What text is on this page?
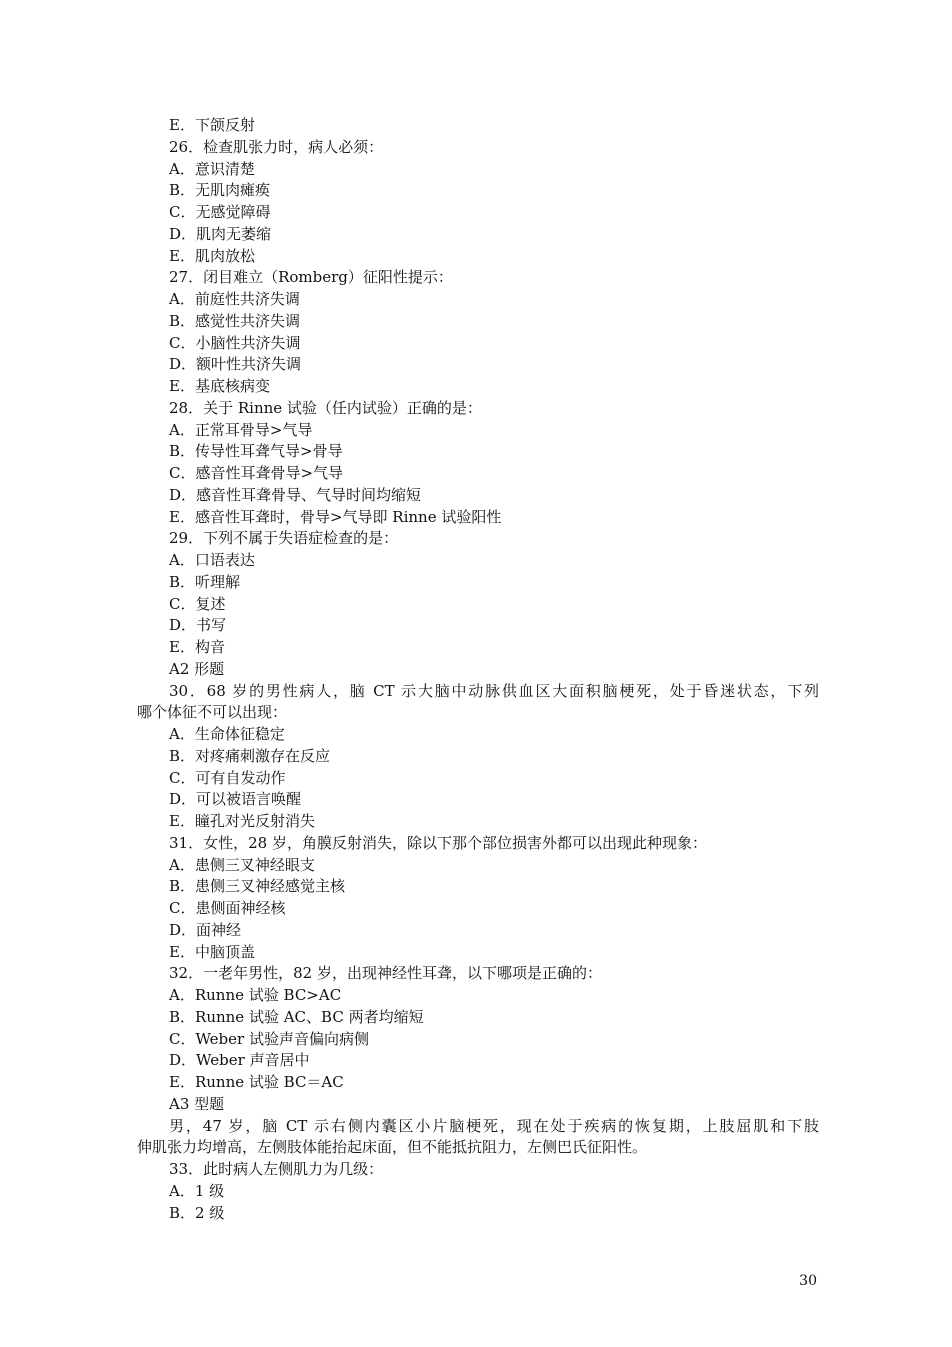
E．下颌反射
26．检查肌张力时，病人必须：
A．意识清楚
B．无肌肉瘫痪
C．无感觉障碍
D．肌肉无萎缩
E．肌肉放松
27．闭目难立（Romberg）征阳性提示：
A．前庭性共济失调
B．感觉性共济失调
C．小脑性共济失调
D．额叶性共济失调
E．基底核病变
28．关于 Rinne 试验（任内试验）正确的是：
A．正常耳骨导>气导
B．传导性耳聋气导>骨导
C．感音性耳聋骨导>气导
D．感音性耳聋骨导、气导时间均缩短
E．感音性耳聋时，骨导>气导即 Rinne 试验阳性
29．下列不属于失语症检查的是：
A．口语表达
B．听理解
C．复述
D．书写
E．构音
A2 形题
30．68 岁的男性病人，脑 CT 示大脑中动脉供血区大面积脑梗死，处于昏迷状态，下列
哪个体征不可以出现：
A．生命体征稳定
B．对疼痛刺激存在反应
C．可有自发动作
D．可以被语言唤醒
E．瞳孔对光反射消失
31．女性，28 岁，角膜反射消失，除以下那个部位损害外都可以出现此种现象：
A．患侧三叉神经眼支
B．患侧三叉神经感觉主核
C．患侧面神经核
D．面神经
E．中脑顶盖
32．一老年男性，82 岁，出现神经性耳聋，以下哪项是正确的：
A．Runne 试验 BC>AC
B．Runne 试验 AC、BC 两者均缩短
C．Weber 试验声音偏向病侧
D．Weber 声音居中
E．Runne 试验 BC＝AC
A3 型题
男，47 岁，脑 CT 示右侧内囊区小片脑梗死，现在处于疾病的恢复期，上肢屈肌和下肢
伸肌张力均增高，左侧肢体能抬起床面，但不能抵抗阻力，左侧巴氏征阳性。
33．此时病人左侧肌力为几级：
A．1 级
B．2 级
30
